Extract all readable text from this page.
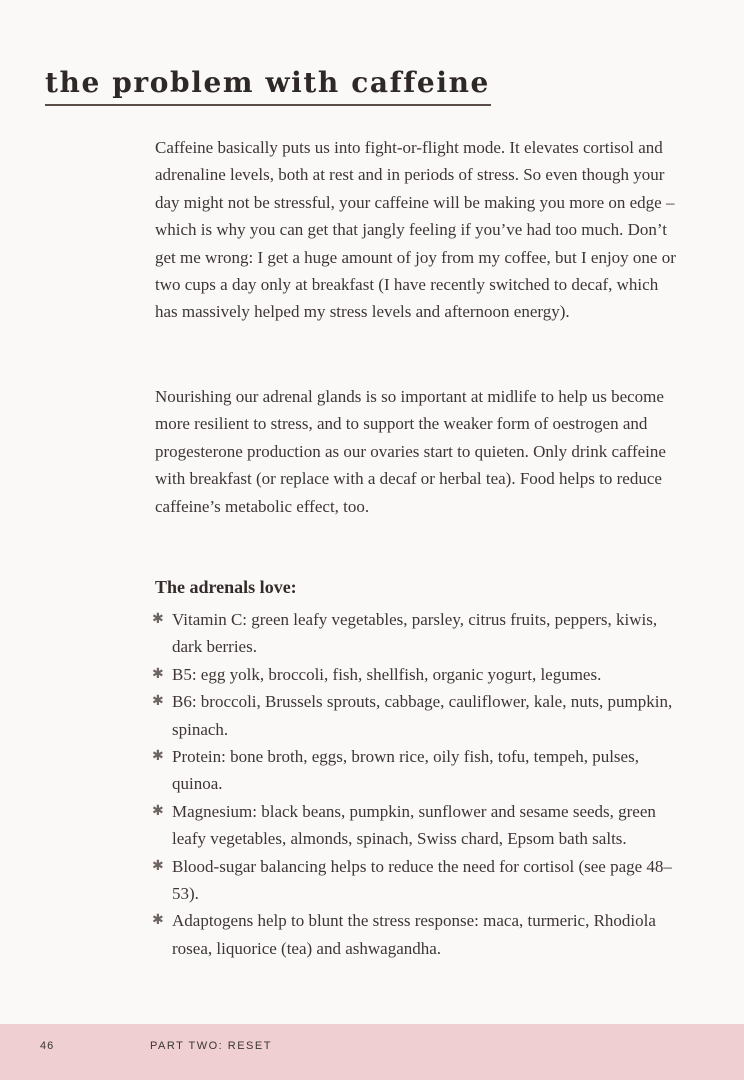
the problem with caffeine

Caffeine basically puts us into fight-or-flight mode. It elevates cortisol and adrenaline levels, both at rest and in periods of stress. So even though your day might not be stressful, your caffeine will be making you more on edge – which is why you can get that jangly feeling if you’ve had too much. Don’t get me wrong: I get a huge amount of joy from my coffee, but I enjoy one or two cups a day only at breakfast (I have recently switched to decaf, which has massively helped my stress levels and afternoon energy).

Nourishing our adrenal glands is so important at midlife to help us become more resilient to stress, and to support the weaker form of oestrogen and progesterone production as our ovaries start to quieten. Only drink caffeine with breakfast (or replace with a decaf or herbal tea). Food helps to reduce caffeine’s metabolic effect, too.

The adrenals love:
✱ Vitamin C: green leafy vegetables, parsley, citrus fruits, peppers, kiwis, dark berries.
✱ B5: egg yolk, broccoli, fish, shellfish, organic yogurt, legumes.
✱ B6: broccoli, Brussels sprouts, cabbage, cauliflower, kale, nuts, pumpkin, spinach.
✱ Protein: bone broth, eggs, brown rice, oily fish, tofu, tempeh, pulses, quinoa.
✱ Magnesium: black beans, pumpkin, sunflower and sesame seeds, green leafy vegetables, almonds, spinach, Swiss chard, Epsom bath salts.
✱ Blood-sugar balancing helps to reduce the need for cortisol (see page 48–53).
✱ Adaptogens help to blunt the stress response: maca, turmeric, Rhodiola rosea, liquorice (tea) and ashwagandha.
46	PART TWO: RESET
